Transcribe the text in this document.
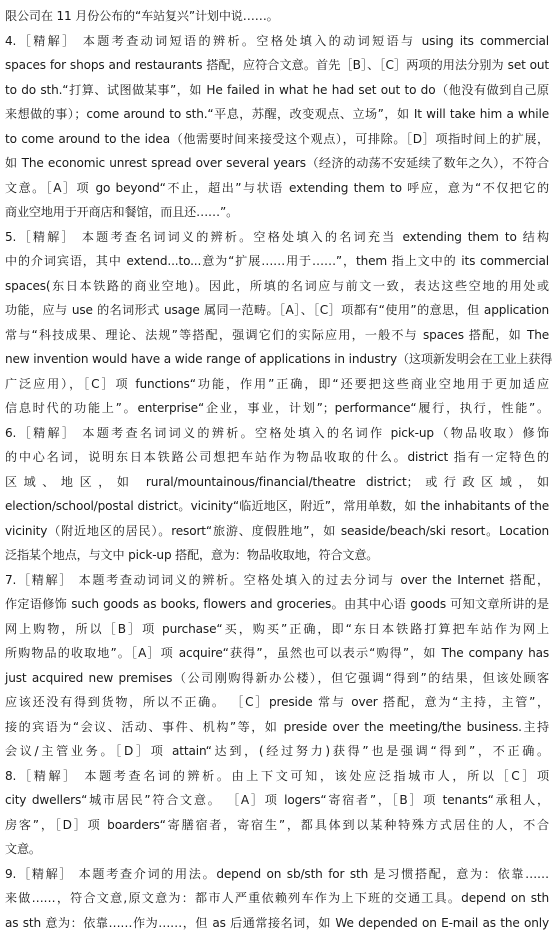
限公司在 11 月份公布的“车站复兴”计划中说……。
4.［精解］ 本题考查动词短语的辨析。空格处填入的动词短语与 using its commercial
spaces for shops and restaurants 搭配，应符合文意。首先［B］、［C］两项的用法分别为 set out
to do sth.“打算、试图做某事”，如 He failed in what he had set out to do（他没有做到自己原
来想做的事）；come around to sth.“平息，苏醒，改变观点、立场”，如 It will take him a while
to come around to the idea（他需要时间来接受这个观点），可排除。［D］项指时间上的扩展，
如 The economic unrest spread over several years（经济的动荡不安延续了数年之久），不符合
文意。［A］项 go beyond“不止，超出”与状语 extending them to 呼应，意为“不仅把它的
商业空地用于开商店和餐馆，而且还……”。
5.［精解］ 本题考查名词词义的辨析。空格处填入的名词充当 extending them to 结构
中的介词宾语，其中 extend...to...意为“扩展……用于……”，them 指上文中的 its commercial
spaces(东日本铁路的商业空地)。因此，所填的名词应与前文一致，表达这些空地的用处或
功能，应与 use 的名词形式 usage 属同一范畴。［A］、［C］项都有“使用”的意思，但 application
常与“科技成果、理论、法规”等搭配，强调它们的实际应用，一般不与 spaces 搭配，如 The
new invention would have a wide range of applications in industry（这项新发明会在工业上获得
广泛应用），［C］项 functions“功能，作用”正确，即“还要把这些商业空地用于更加适应
信息时代的功能上”。enterprise“企业，事业，计划”；performance“履行，执行，性能”。
6.［精解］ 本题考查名词词义的辨析。空格处填入的名词作 pick-up（物品收取）修饰
的中心名词，说明东日本铁路公司想把车站作为物品收取的什么。district 指有一定特色的
区域、地区，如 rural/mountainous/financial/theatre district；或行政区域，如
election/school/postal district。vicinity“临近地区，附近”，常用单数，如 the inhabitants of the
vicinity（附近地区的居民）。resort“旅游、度假胜地”，如 seaside/beach/ski resort。Location
泛指某个地点，与文中 pick-up 搭配，意为：物品收取地，符合文意。
7.［精解］ 本题考查动词词义的辨析。空格处填入的过去分词与 over the Internet 搭配，
作定语修饰 such goods as books, flowers and groceries。由其中心语 goods 可知文章所讲的是
网上购物，所以［B］项 purchase“买，购买”正确，即“东日本铁路打算把车站作为网上
所购物品的收取地”。［A］项 acquire“获得”，虽然也可以表示“购得”，如 The company has
just acquired new premises（公司刚购得新办公楼），但它强调“得到”的结果，但该处顾客
应该还没有得到货物，所以不正确。 ［C］preside 常与 over 搭配，意为“主持，主管”，
接的宾语为“会议、活动、事件、机构”等，如 preside over the meeting/the business.主持
会议/主管业务。［D］项 attain“达到，(经过努力)获得”也是强调“得到”，不正确。
8.［精解］ 本题考查名词的辨析。由上下文可知，该处应泛指城市人，所以［C］项
city dwellers“城市居民”符合文意。 ［A］项 logers“寄宿者”，［B］项 tenants“承租人，
房客”，［D］项 boarders“寄膳宿者，寄宿生”，都具体到以某种特殊方式居住的人，不合
文意。
9.［精解］ 本题考查介词的用法。depend on sb/sth for sth 是习惯搭配，意为：依靠……
来做……，符合文意,原文意为：都市人严重依赖列车作为上下班的交通工具。depend on sth
as sth 意为：依靠……作为……，但 as 后通常接名词，如 We depended on E-mail as the only
